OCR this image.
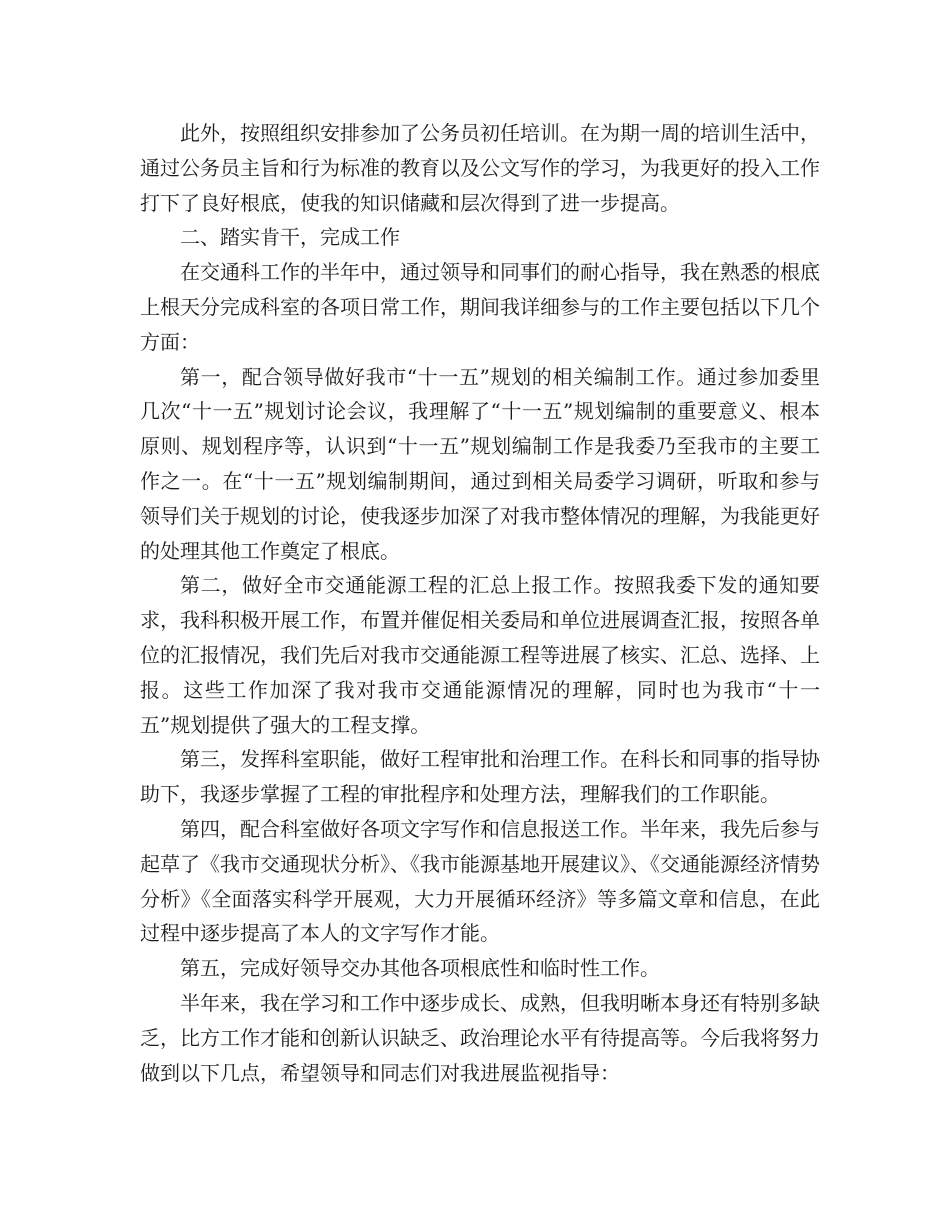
此外，按照组织安排参加了公务员初任培训。在为期一周的培训生活中，通过公务员主旨和行为标准的教育以及公文写作的学习，为我更好的投入工作打下了良好根底，使我的知识储藏和层次得到了进一步提高。

二、踏实肯干，完成工作

在交通科工作的半年中，通过领导和同事们的耐心指导，我在熟悉的根底上根天分完成科室的各项日常工作，期间我详细参与的工作主要包括以下几个方面：

第一，配合领导做好我市“十一五”规划的相关编制工作。通过参加委里几次“十一五”规划讨论会议，我理解了“十一五”规划编制的重要意义、根本原则、规划程序等，认识到“十一五”规划编制工作是我委乃至我市的主要工作之一。在“十一五”规划编制期间，通过到相关局委学习调研，听取和参与领导们关于规划的讨论，使我逐步加深了对我市整体情况的理解，为我能更好的处理其他工作奠定了根底。

第二，做好全市交通能源工程的汇总上报工作。按照我委下发的通知要求，我科积极开展工作，布置并催促相关委局和单位进展调查汇报，按照各单位的汇报情况，我们先后对我市交通能源工程等进展了核实、汇总、选择、上报。这些工作加深了我对我市交通能源情况的理解，同时也为我市“十一五”规划提供了强大的工程支撑。

第三，发挥科室职能，做好工程审批和治理工作。在科长和同事的指导协助下，我逐步掌握了工程的审批程序和处理方法，理解我们的工作职能。

第四，配合科室做好各项文字写作和信息报送工作。半年来，我先后参与起草了《我市交通现状分析》、《我市能源基地开展建议》、《交通能源经济情势分析》《全面落实科学开展观，大力开展循环经济》等多篇文章和信息，在此过程中逐步提高了本人的文字写作才能。

第五，完成好领导交办其他各项根底性和临时性工作。

半年来，我在学习和工作中逐步成长、成熟，但我明晰本身还有特别多缺乏，比方工作才能和创新认识缺乏、政治理论水平有待提高等。今后我将努力做到以下几点，希望领导和同志们对我进展监视指导：
